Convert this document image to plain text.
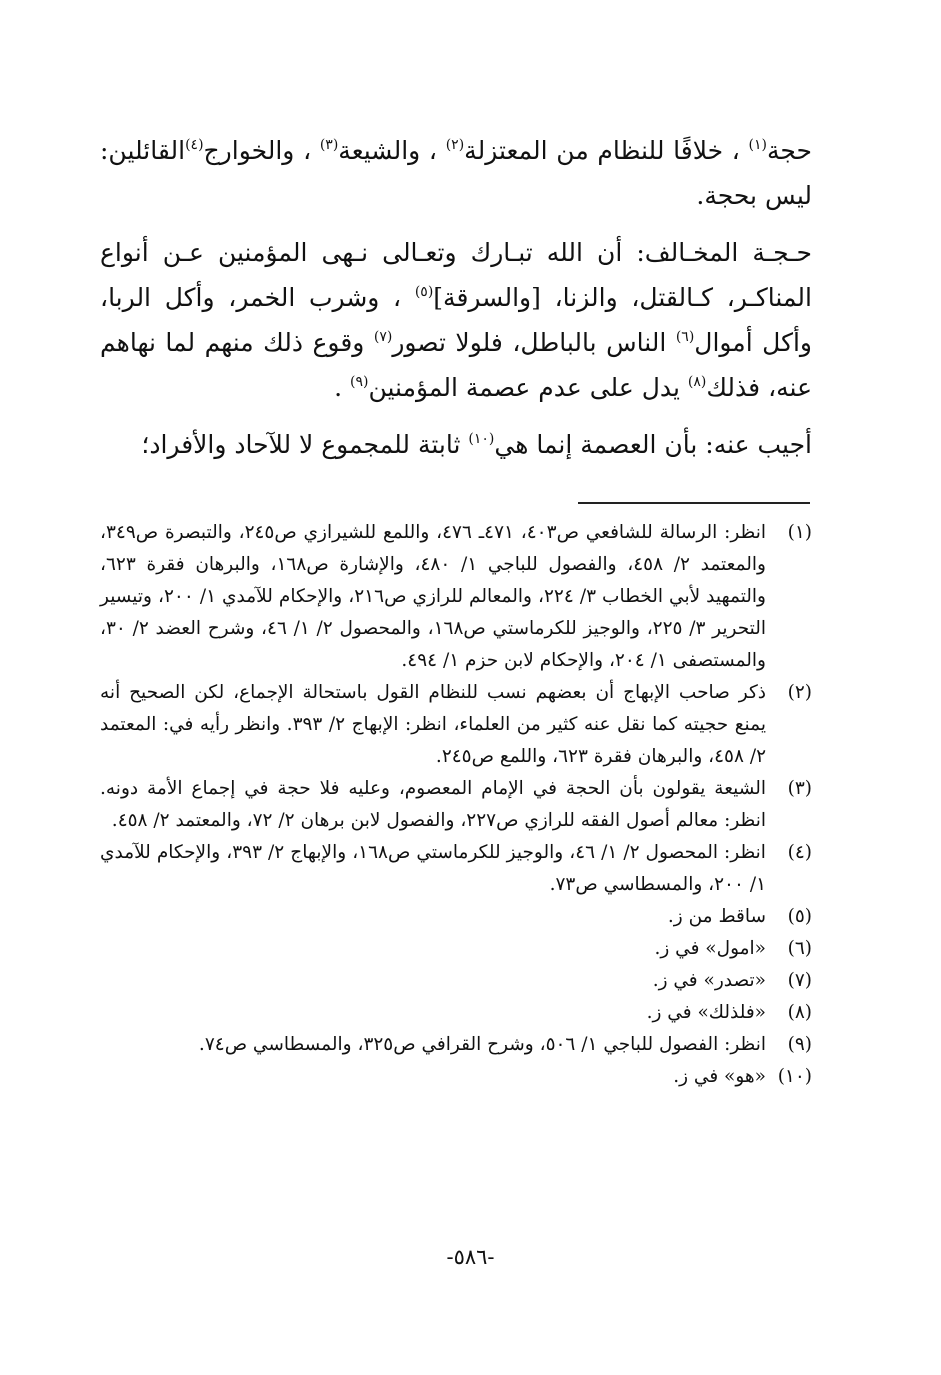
حجة$^{(١)}$ ، خلافًا للنظام من المعتزلة$^{(٢)}$ ، والشيعة$^{(٣)}$ ، والخوارج$^{(٤)}$القائلين: ليس بحجة.

حـجـة المخـالف: أن الله تبـارك وتعـالى نـهى المؤمنين عـن أنواع المناكـر، كـالقتل، والزنا، [والسرقة]$^{(٥)}$ ، وشرب الخمر، وأكل الربا، وأكل أموال$^{(٦)}$ الناس بالباطل، فلولا تصور$^{(٧)}$ وقوع ذلك منهم لما نهاهم عنه، فذلك$^{(٨)}$ يدل على عدم عصمة المؤمنين$^{(٩)}$ .

أجيب عنه: بأن العصمة إنما هي$^{(١٠)}$ ثابتة للمجموع لا للآحاد والأفراد؛

(١)
انظر: الرسالة للشافعي ص٤٠٣، ٤٧١ـ ٤٧٦، واللمع للشيرازي ص٢٤٥، والتبصرة ص٣٤٩، والمعتمد ٢/ ٤٥٨، والفصول للباجي ١/ ٤٨٠، والإشارة ص١٦٨، والبرهان فقرة ٦٢٣، والتمهيد لأبي الخطاب ٣/ ٢٢٤، والمعالم للرازي ص٢١٦، والإحكام للآمدي ١/ ٢٠٠، وتيسير التحرير ٣/ ٢٢٥، والوجيز للكرماستي ص١٦٨، والمحصول ٢/ ١/ ٤٦، وشرح العضد ٢/ ٣٠، والمستصفى ١/ ٢٠٤، والإحكام لابن حزم ١/ ٤٩٤.
(٢)
ذكر صاحب الإبهاج أن بعضهم نسب للنظام القول باستحالة الإجماع، لكن الصحيح أنه يمنع حجيته كما نقل عنه كثير من العلماء، انظر: الإبهاج ٢/ ٣٩٣. وانظر رأيه في: المعتمد ٢/ ٤٥٨، والبرهان فقرة ٦٢٣، واللمع ص٢٤٥.
(٣)
الشيعة يقولون بأن الحجة في الإمام المعصوم، وعليه فلا حجة في إجماع الأمة دونه. انظر: معالم أصول الفقه للرازي ص٢٢٧، والفصول لابن برهان ٢/ ٧٢، والمعتمد ٢/ ٤٥٨.
(٤)
انظر: المحصول ٢/ ١/ ٤٦، والوجيز للكرماستي ص١٦٨، والإبهاج ٢/ ٣٩٣، والإحكام للآمدي ١/ ٢٠٠، والمسطاسي ص٧٣.
(٥)
ساقط من ز.
(٦)
«امول» في ز.
(٧)
«تصدر» في ز.
(٨)
«فلذلك» في ز.
(٩)
انظر: الفصول للباجي ١/ ٥٠٦، وشرح القرافي ص٣٢٥، والمسطاسي ص٧٤.
(١٠)
«هو» في ز.
-٥٨٦-
